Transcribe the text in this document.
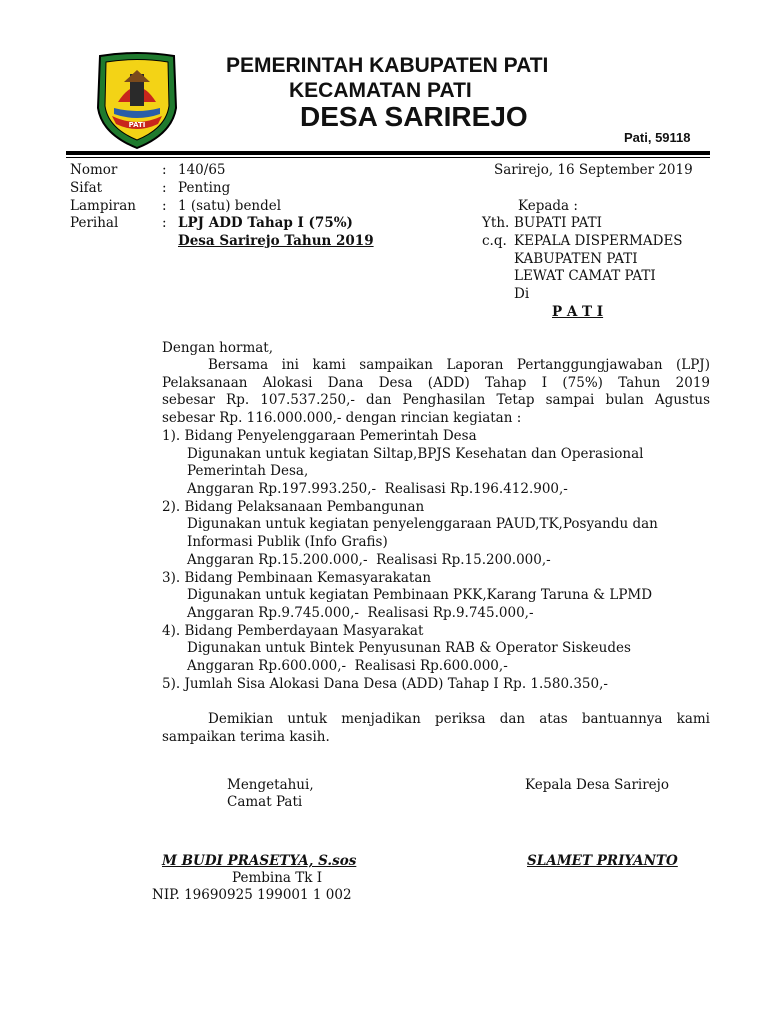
PATI
PEMERINTAH KABUPATEN PATI
KECAMATAN PATI
DESA SARIREJO
Pati, 59118
Nomor	: 140/65
Sifat	: Penting
Lampiran : 1 (satu) bendel
Perihal	: LPJ ADD Tahap I (75%)
Desa Sarirejo Tahun 2019
Sarirejo, 16 September 2019
Kepada :
Yth. BUPATI PATI
c.q. KEPALA DISPERMADES
KABUPATEN PATI
LEWAT CAMAT PATI
Di
P A T I
Dengan hormat,
Bersama ini kami sampaikan Laporan Pertanggungjawaban (LPJ)
Pelaksanaan Alokasi Dana Desa (ADD) Tahap I (75%) Tahun 2019
sebesar Rp. 107.537.250,- dan Penghasilan Tetap sampai bulan Agustus
sebesar Rp. 116.000.000,- dengan rincian kegiatan :
1). Bidang Penyelenggaraan Pemerintah Desa
Digunakan untuk kegiatan Siltap,BPJS Kesehatan dan Operasional
Pemerintah Desa,
Anggaran Rp.197.993.250,-  Realisasi Rp.196.412.900,-
2). Bidang Pelaksanaan Pembangunan
Digunakan untuk kegiatan penyelenggaraan PAUD,TK,Posyandu dan
Informasi Publik (Info Grafis)
Anggaran Rp.15.200.000,-  Realisasi Rp.15.200.000,-
3). Bidang Pembinaan Kemasyarakatan
Digunakan untuk kegiatan Pembinaan PKK,Karang Taruna & LPMD
Anggaran Rp.9.745.000,-  Realisasi Rp.9.745.000,-
4). Bidang Pemberdayaan Masyarakat
Digunakan untuk Bintek Penyusunan RAB & Operator Siskeudes
Anggaran Rp.600.000,-  Realisasi Rp.600.000,-
5). Jumlah Sisa Alokasi Dana Desa (ADD) Tahap I Rp. 1.580.350,-
Demikian untuk menjadikan periksa dan atas bantuannya kami
sampaikan terima kasih.
Mengetahui,
Camat Pati
M BUDI PRASETYA, S.sos
Pembina Tk I
NIP. 19690925 199001 1 002
Kepala Desa Sarirejo
SLAMET PRIYANTO
